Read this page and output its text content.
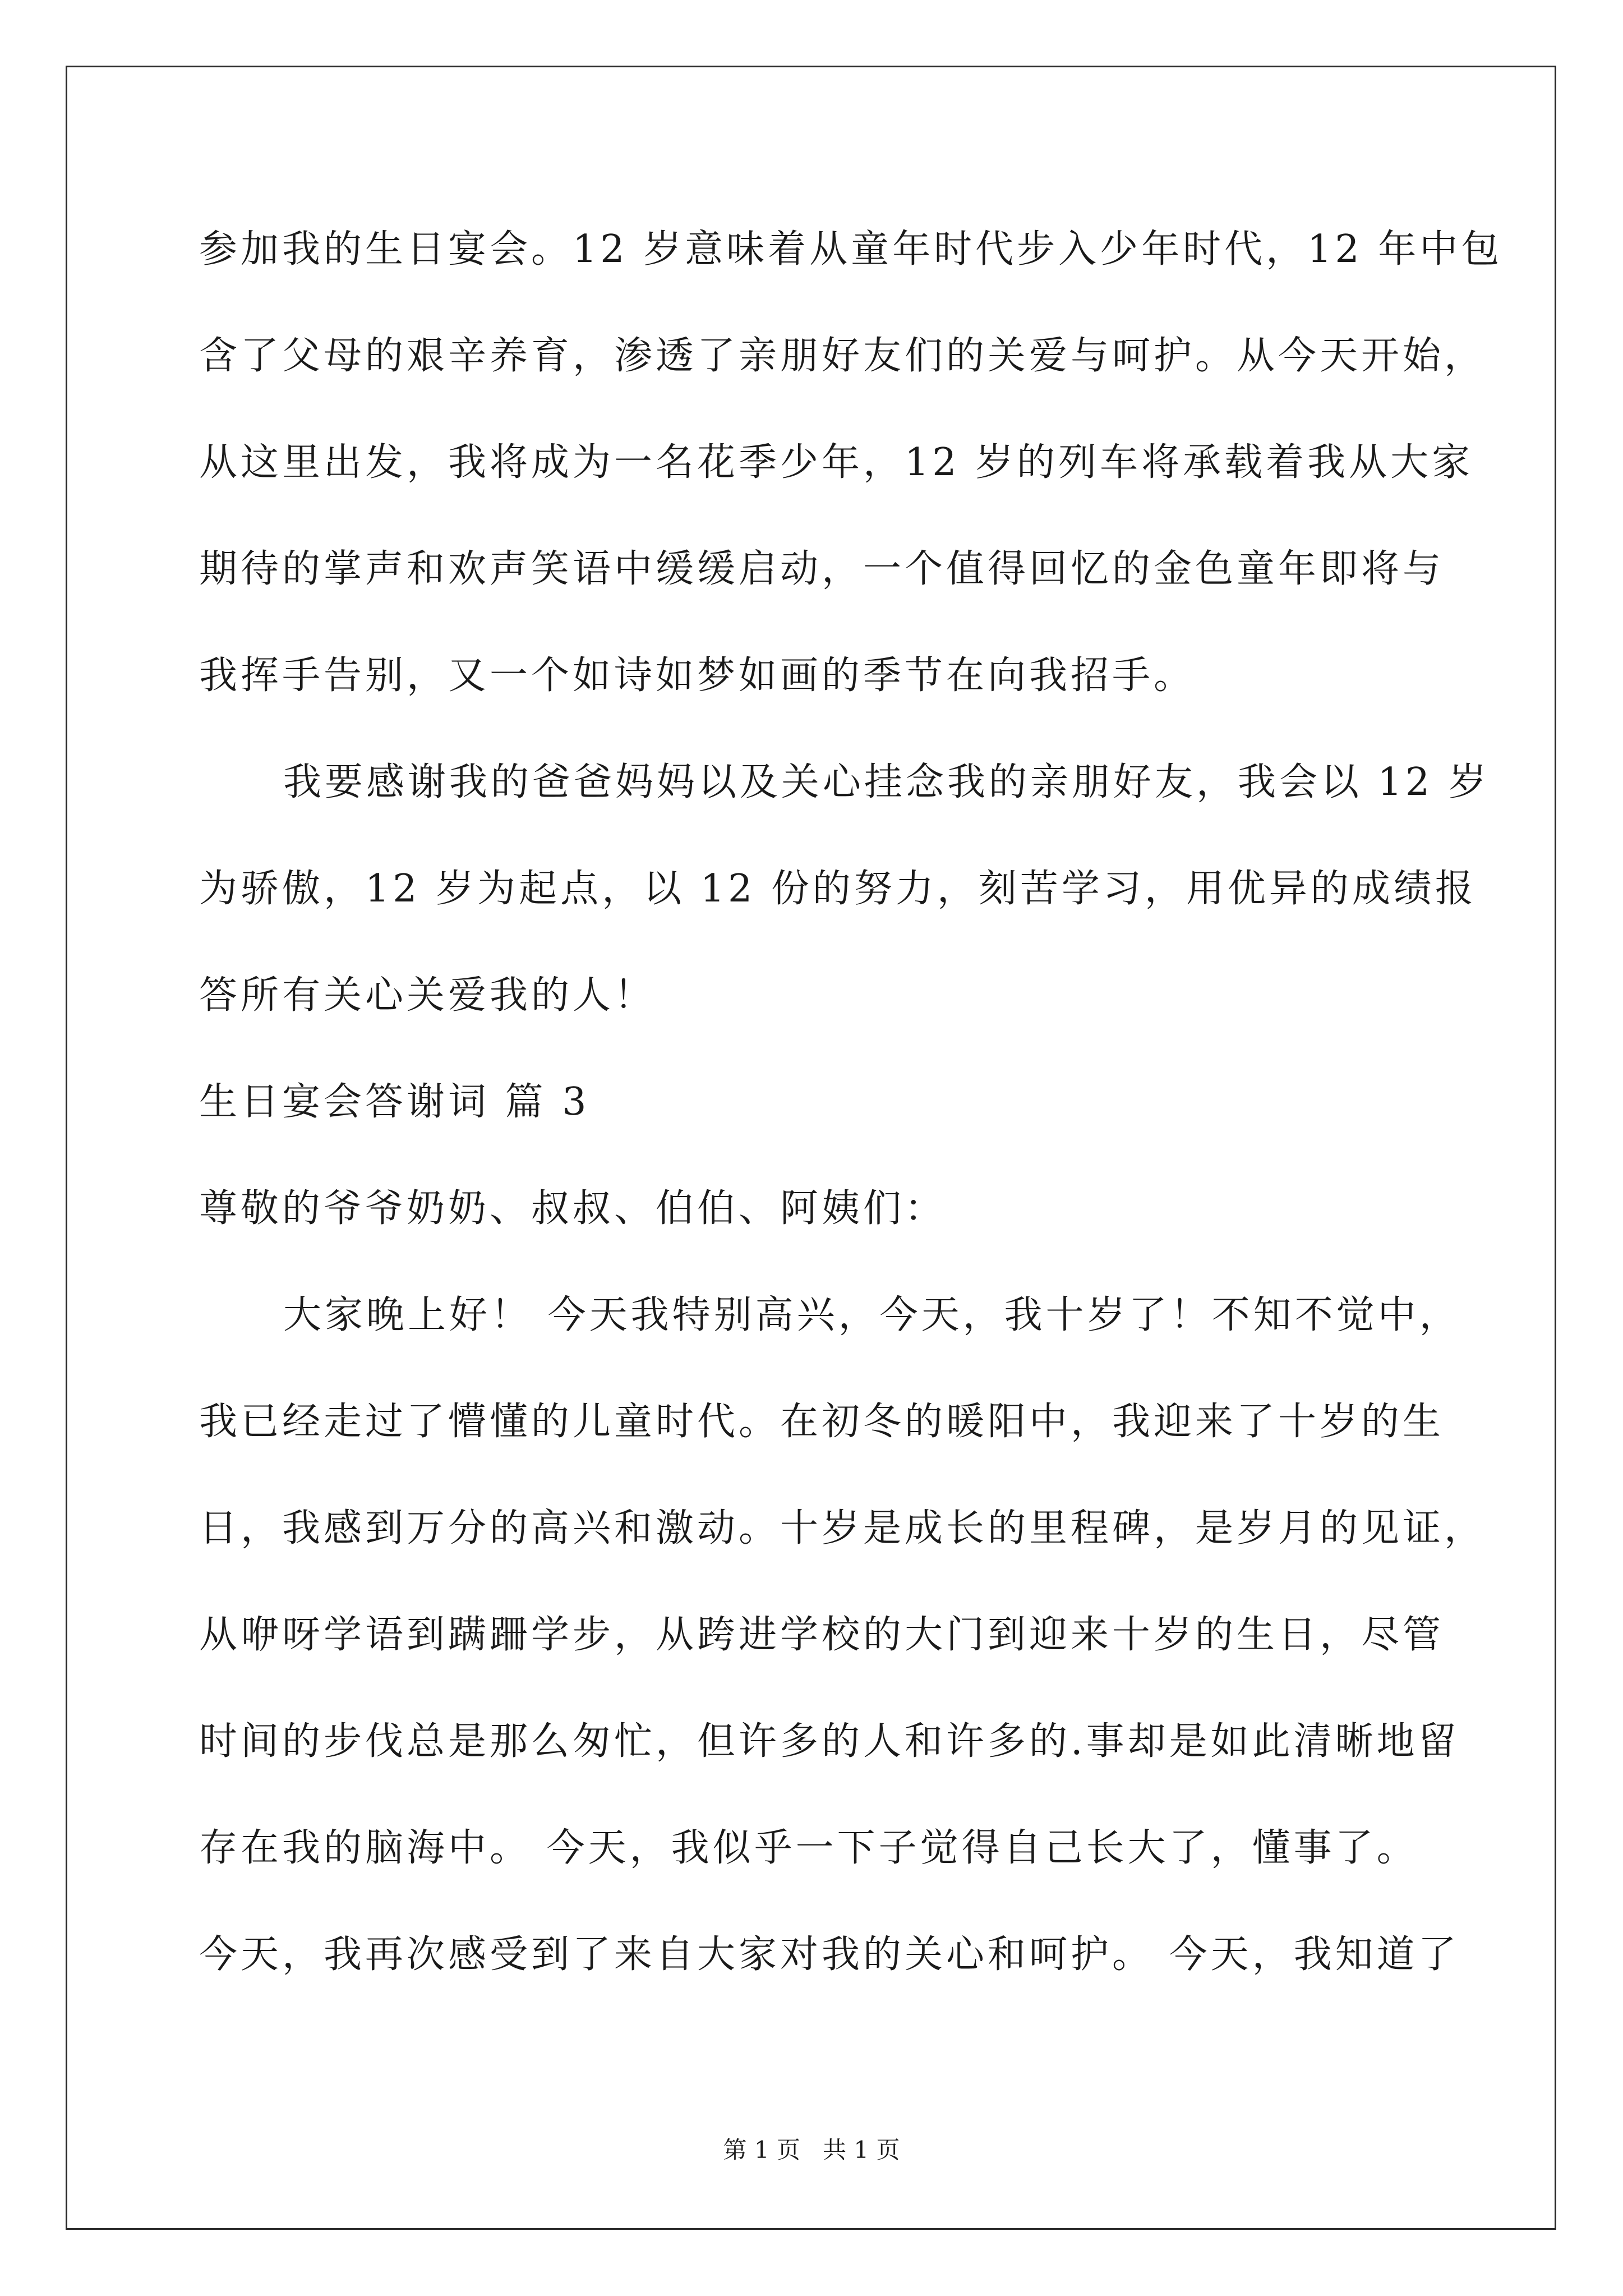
参加我的生日宴会。12 岁意味着从童年时代步入少年时代，12 年中包
含了父母的艰辛养育，渗透了亲朋好友们的关爱与呵护。从今天开始，
从这里出发，我将成为一名花季少年，12 岁的列车将承载着我从大家
期待的掌声和欢声笑语中缓缓启动，一个值得回忆的金色童年即将与
我挥手告别，又一个如诗如梦如画的季节在向我招手。
我要感谢我的爸爸妈妈以及关心挂念我的亲朋好友，我会以 12 岁
为骄傲，12 岁为起点，以 12 份的努力，刻苦学习，用优异的成绩报
答所有关心关爱我的人！
生日宴会答谢词 篇 3
尊敬的爷爷奶奶、叔叔、伯伯、阿姨们：
大家晚上好！ 今天我特别高兴，今天，我十岁了！不知不觉中，
我已经走过了懵懂的儿童时代。在初冬的暖阳中，我迎来了十岁的生
日，我感到万分的高兴和激动。十岁是成长的里程碑，是岁月的见证，
从咿呀学语到蹒跚学步，从跨进学校的大门到迎来十岁的生日，尽管
时间的步伐总是那么匆忙，但许多的人和许多的.事却是如此清晰地留
存在我的脑海中。 今天，我似乎一下子觉得自己长大了，懂事了。
今天，我再次感受到了来自大家对我的关心和呵护。 今天，我知道了
第 1 页   共 1 页
